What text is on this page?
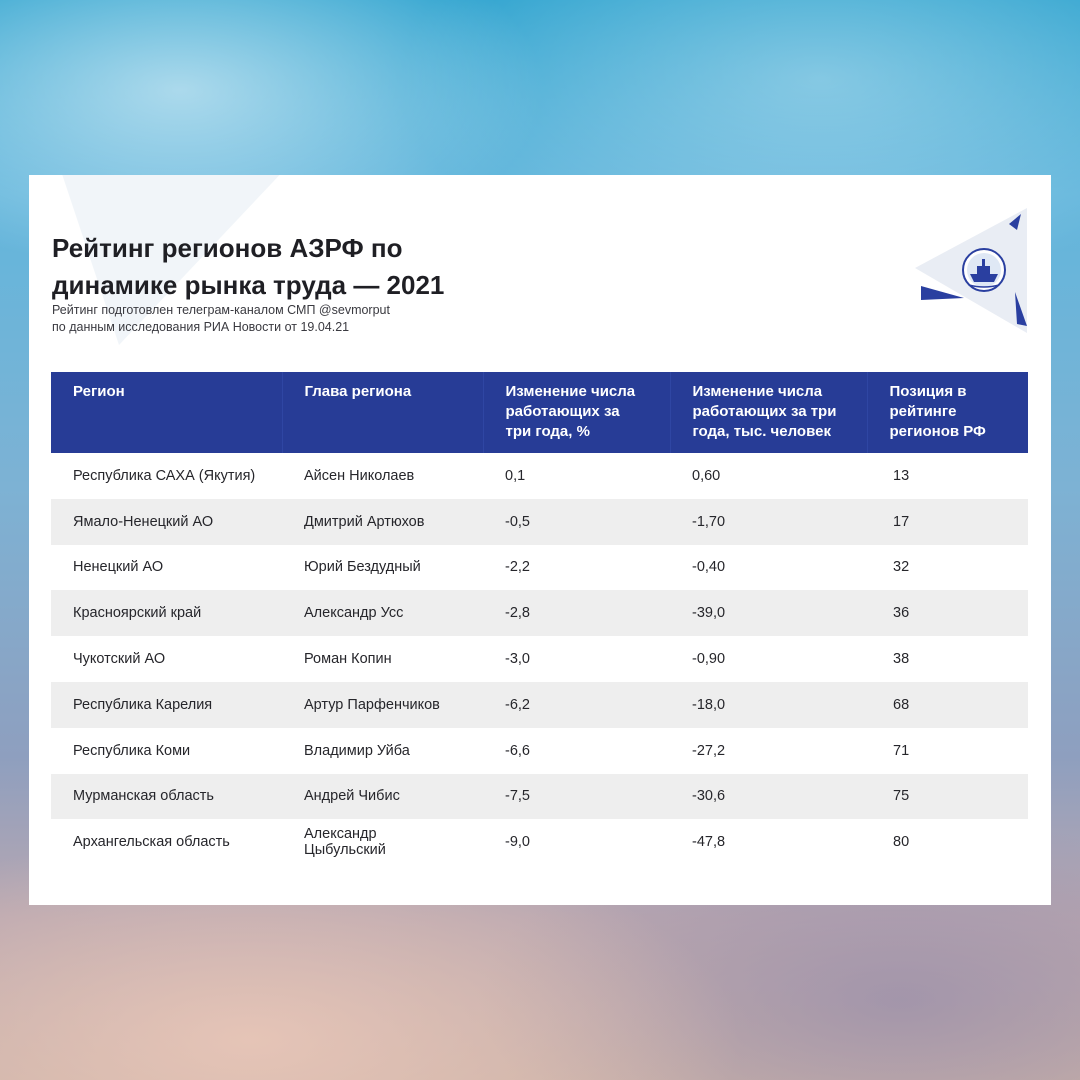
Рейтинг регионов АЗРФ по динамике рынка труда — 2021
Рейтинг подготовлен телеграм-каналом СМП @sevmorput
по данным исследования РИА Новости от 19.04.21
Регион	Глава региона	Изменение числа работающих за три года, %	Изменение числа работающих за три года, тыс. человек	Позиция в рейтинге регионов РФ
Республика САХА (Якутия)	Айсен Николаев	0,1	0,60	13
Ямало-Ненецкий АО	Дмитрий Артюхов	-0,5	-1,70	17
Ненецкий АО	Юрий Бездудный	-2,2	-0,40	32
Красноярский край	Александр Усс	-2,8	-39,0	36
Чукотский АО	Роман Копин	-3,0	-0,90	38
Республика Карелия	Артур Парфенчиков	-6,2	-18,0	68
Республика Коми	Владимир Уйба	-6,6	-27,2	71
Мурманская область	Андрей Чибис	-7,5	-30,6	75
Архангельская область	Александр Цыбульский	-9,0	-47,8	80
